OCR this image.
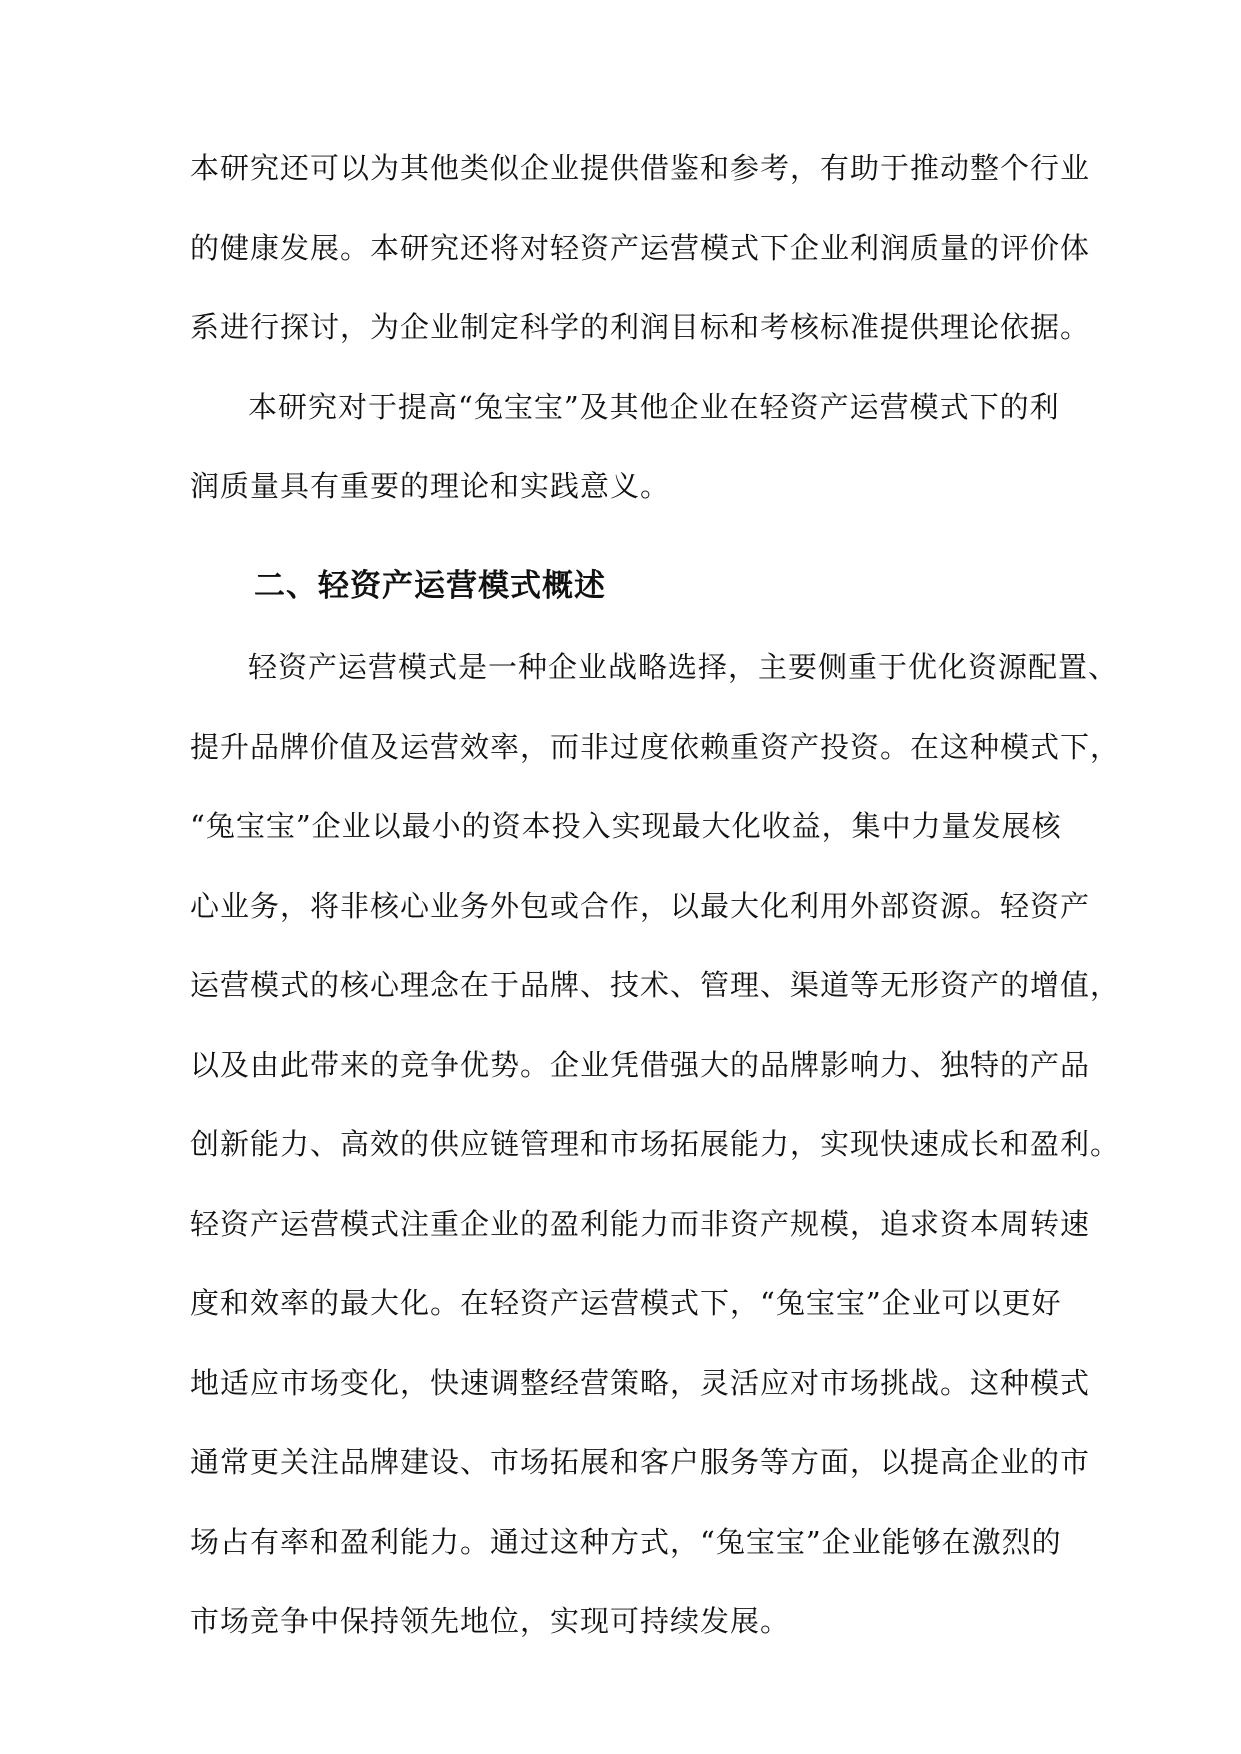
本研究还可以为其他类似企业提供借鉴和参考，有助于推动整个行业
的健康发展。本研究还将对轻资产运营模式下企业利润质量的评价体
系进行探讨，为企业制定科学的利润目标和考核标准提供理论依据。
本研究对于提高“兔宝宝”及其他企业在轻资产运营模式下的利
润质量具有重要的理论和实践意义。
二、轻资产运营模式概述
轻资产运营模式是一种企业战略选择，主要侧重于优化资源配置、
提升品牌价值及运营效率，而非过度依赖重资产投资。在这种模式下，
“兔宝宝”企业以最小的资本投入实现最大化收益，集中力量发展核
心业务，将非核心业务外包或合作，以最大化利用外部资源。轻资产
运营模式的核心理念在于品牌、技术、管理、渠道等无形资产的增值，
以及由此带来的竞争优势。企业凭借强大的品牌影响力、独特的产品
创新能力、高效的供应链管理和市场拓展能力，实现快速成长和盈利。
轻资产运营模式注重企业的盈利能力而非资产规模，追求资本周转速
度和效率的最大化。在轻资产运营模式下，“兔宝宝”企业可以更好
地适应市场变化，快速调整经营策略，灵活应对市场挑战。这种模式
通常更关注品牌建设、市场拓展和客户服务等方面，以提高企业的市
场占有率和盈利能力。通过这种方式，“兔宝宝”企业能够在激烈的
市场竞争中保持领先地位，实现可持续发展。
